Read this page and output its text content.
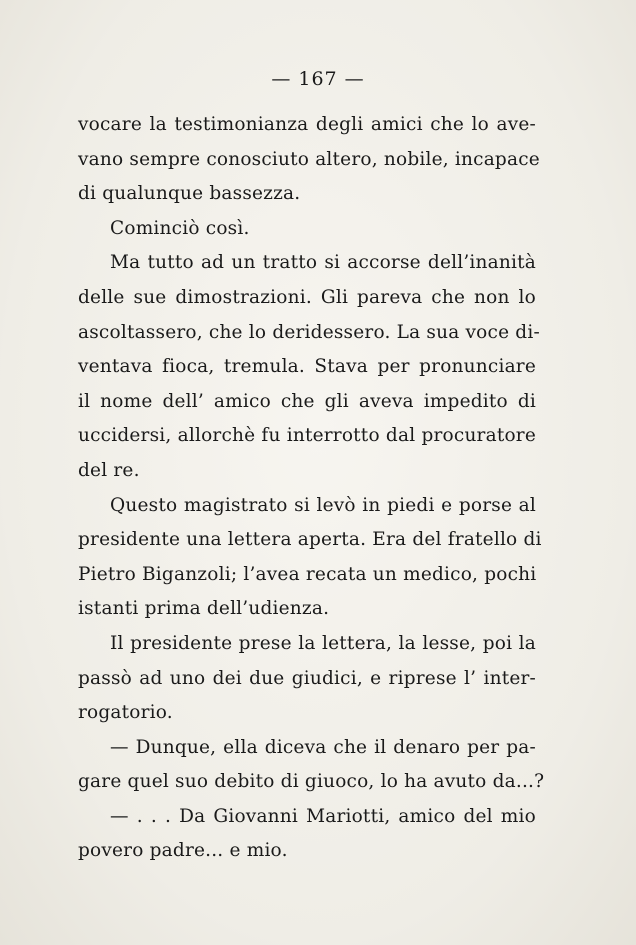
— 167 —
vocare la testimonianza degli amici che lo ave-
vano sempre conosciuto altero, nobile, incapace
di qualunque bassezza.
Cominciò così.
Ma tutto ad un tratto si accorse dell’inanità
delle sue dimostrazioni. Gli pareva che non lo
ascoltassero, che lo deridessero. La sua voce di-
ventava fioca, tremula. Stava per pronunciare
il nome dell’ amico che gli aveva impedito di
uccidersi, allorchè fu interrotto dal procuratore
del re.
Questo magistrato si levò in piedi e porse al
presidente una lettera aperta. Era del fratello di
Pietro Biganzoli; l’avea recata un medico, pochi
istanti prima dell’udienza.
Il presidente prese la lettera, la lesse, poi la
passò ad uno dei due giudici, e riprese l’ inter-
rogatorio.
— Dunque, ella diceva che il denaro per pa-
gare quel suo debito di giuoco, lo ha avuto da...?
— . . . Da Giovanni Mariotti, amico del mio
povero padre... e mio.
